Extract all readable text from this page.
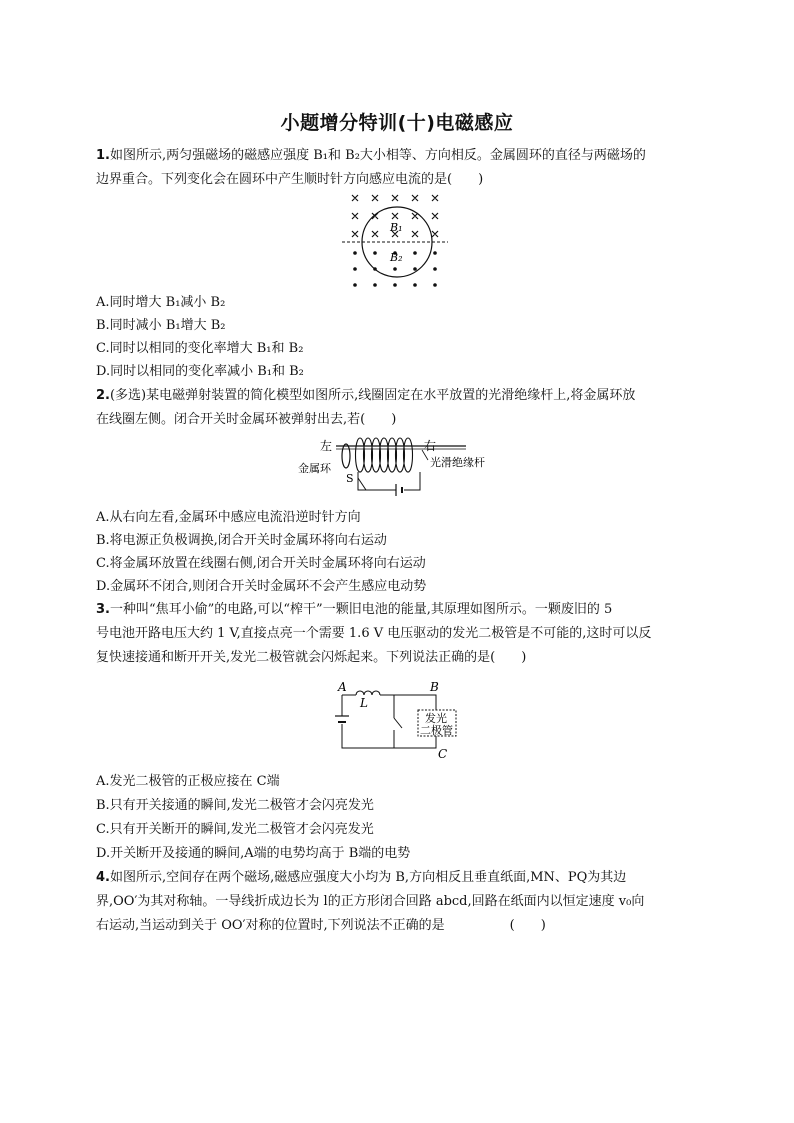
小题增分特训(十)电磁感应
1.如图所示,两匀强磁场的磁感应强度 B₁和 B₂大小相等、方向相反。金属圆环的直径与两磁场的
边界重合。下列变化会在圆环中产生顺时针方向感应电流的是(　　)
B₁
B₂
A.同时增大 B₁减小 B₂
B.同时减小 B₁增大 B₂
C.同时以相同的变化率增大 B₁和 B₂
D.同时以相同的变化率减小 B₁和 B₂
2.(多选)某电磁弹射装置的简化模型如图所示,线圈固定在水平放置的光滑绝缘杆上,将金属环放
在线圈左侧。闭合开关时金属环被弹射出去,若(　　)
左	右
S
金属环	光滑绝缘杆
A.从右向左看,金属环中感应电流沿逆时针方向
B.将电源正负极调换,闭合开关时金属环将向右运动
C.将金属环放置在线圈右侧,闭合开关时金属环将向右运动
D.金属环不闭合,则闭合开关时金属环不会产生感应电动势
3.一种叫“焦耳小偷”的电路,可以“榨干”一颗旧电池的能量,其原理如图所示。一颗废旧的 5
号电池开路电压大约 1 V,直接点亮一个需要 1.6 V 电压驱动的发光二极管是不可能的,这时可以反
复快速接通和断开开关,发光二极管就会闪烁起来。下列说法正确的是(　　)
A	B
C
L
发光
二极管
A.发光二极管的正极应接在 C端
B.只有开关接通的瞬间,发光二极管才会闪亮发光
C.只有开关断开的瞬间,发光二极管才会闪亮发光
D.开关断开及接通的瞬间,A端的电势均高于 B端的电势
4.如图所示,空间存在两个磁场,磁感应强度大小均为 B,方向相反且垂直纸面,MN、PQ为其边
界,OO′为其对称轴。一导线折成边长为 l的正方形闭合回路 abcd,回路在纸面内以恒定速度 v₀向
右运动,当运动到关于 OO′对称的位置时,下列说法不正确的是　　　　　(　　)
